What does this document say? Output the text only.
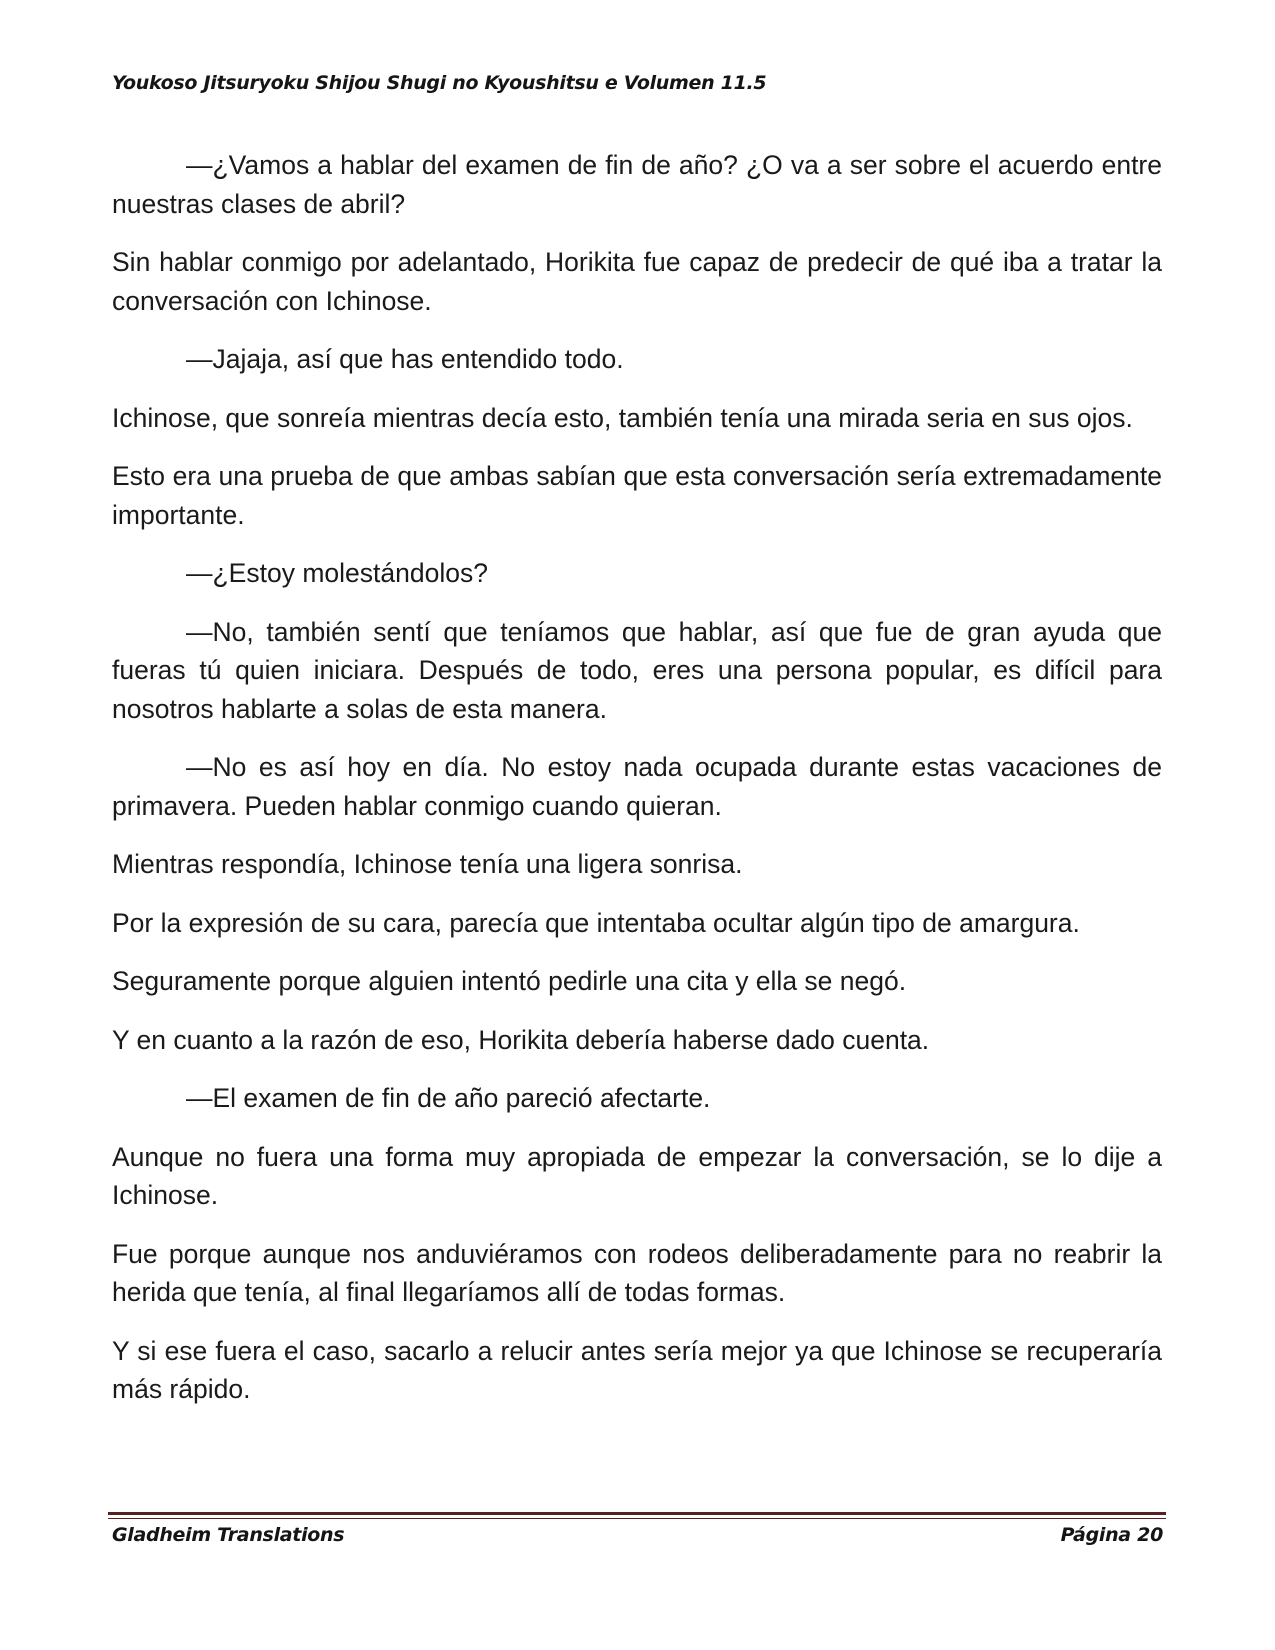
Youkoso Jitsuryoku Shijou Shugi no Kyoushitsu e Volumen 11.5

—¿Vamos a hablar del examen de fin de año? ¿O va a ser sobre el acuerdo entre nuestras clases de abril?

Sin hablar conmigo por adelantado, Horikita fue capaz de predecir de qué iba a tratar la conversación con Ichinose.

—Jajaja, así que has entendido todo.

Ichinose, que sonreía mientras decía esto, también tenía una mirada seria en sus ojos.

Esto era una prueba de que ambas sabían que esta conversación sería extremadamente importante.

—¿Estoy molestándolos?

—No, también sentí que teníamos que hablar, así que fue de gran ayuda que fueras tú quien iniciara. Después de todo, eres una persona popular, es difícil para nosotros hablarte a solas de esta manera.

—No es así hoy en día. No estoy nada ocupada durante estas vacaciones de primavera. Pueden hablar conmigo cuando quieran.

Mientras respondía, Ichinose tenía una ligera sonrisa.

Por la expresión de su cara, parecía que intentaba ocultar algún tipo de amargura.

Seguramente porque alguien intentó pedirle una cita y ella se negó.

Y en cuanto a la razón de eso, Horikita debería haberse dado cuenta.

—El examen de fin de año pareció afectarte.

Aunque no fuera una forma muy apropiada de empezar la conversación, se lo dije a Ichinose.

Fue porque aunque nos anduviéramos con rodeos deliberadamente para no reabrir la herida que tenía, al final llegaríamos allí de todas formas.

Y si ese fuera el caso, sacarlo a relucir antes sería mejor ya que Ichinose se recuperaría más rápido.

Gladheim Translations	Página 20
